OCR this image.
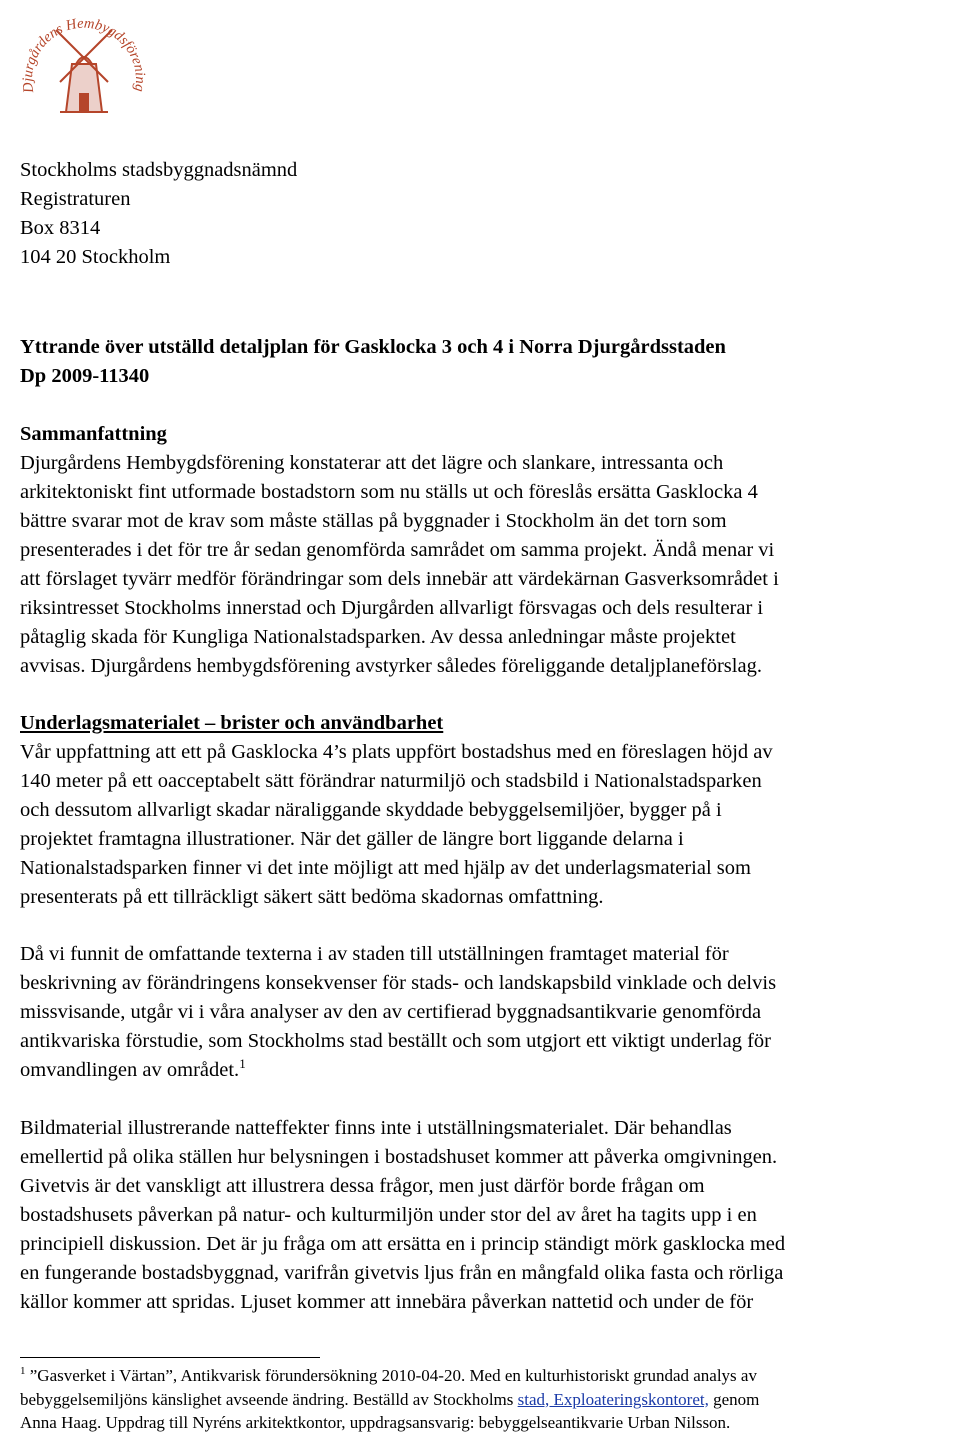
Djurgårdens Hembygdsförening
Stockholms stadsbyggnadsnämnd
Registraturen
Box 8314
104 20 Stockholm
Yttrande över utställd detaljplan för Gasklocka 3 och 4 i Norra Djurgårdsstaden
Dp 2009-11340
Sammanfattning
Djurgårdens Hembygdsförening konstaterar att det lägre och slankare, intressanta och
arkitektoniskt fint utformade bostadstorn som nu ställs ut och föreslås ersätta Gasklocka 4
bättre svarar mot de krav som måste ställas på byggnader i Stockholm än det torn som
presenterades i det för tre år sedan genomförda samrådet om samma projekt. Ändå menar vi
att förslaget tyvärr medför förändringar som dels innebär att värdekärnan Gasverksområdet i
riksintresset Stockholms innerstad och Djurgården allvarligt försvagas och dels resulterar i
påtaglig skada för Kungliga Nationalstadsparken. Av dessa anledningar måste projektet
avvisas. Djurgårdens hembygdsförening avstyrker således föreliggande detaljplaneförslag.
Underlagsmaterialet – brister och användbarhet
Vår uppfattning att ett på Gasklocka 4’s plats uppfört bostadshus med en föreslagen höjd av
140 meter på ett oacceptabelt sätt förändrar naturmiljö och stadsbild i Nationalstadsparken
och dessutom allvarligt skadar näraliggande skyddade bebyggelsemiljöer, bygger på i
projektet framtagna illustrationer. När det gäller de längre bort liggande delarna i
Nationalstadsparken finner vi det inte möjligt att med hjälp av det underlagsmaterial som
presenterats på ett tillräckligt säkert sätt bedöma skadornas omfattning.
Då vi funnit de omfattande texterna i av staden till utställningen framtaget material för
beskrivning av förändringens konsekvenser för stads- och landskapsbild vinklade och delvis
missvisande, utgår vi i våra analyser av den av certifierad byggnadsantikvarie genomförda
antikvariska förstudie, som Stockholms stad beställt och som utgjort ett viktigt underlag för
omvandlingen av området.$^1$
Bildmaterial illustrerande natteffekter finns inte i utställningsmaterialet. Där behandlas
emellertid på olika ställen hur belysningen i bostadshuset kommer att påverka omgivningen.
Givetvis är det vanskligt att illustrera dessa frågor, men just därför borde frågan om
bostadshusets påverkan på natur- och kulturmiljön under stor del av året ha tagits upp i en
principiell diskussion. Det är ju fråga om att ersätta en i princip ständigt mörk gasklocka med
en fungerande bostadsbyggnad, varifrån givetvis ljus från en mångfald olika fasta och rörliga
källor kommer att spridas. Ljuset kommer att innebära påverkan nattetid och under de för
$^1$ ”Gasverket i Värtan”, Antikvarisk förundersökning 2010-04-20. Med en kulturhistoriskt grundad analys av
bebyggelsemiljöns känslighet avseende ändring. Beställd av Stockholms stad, Exploateringskontoret, genom
Anna Haag. Uppdrag till Nyréns arkitektkontor, uppdragsansvarig: bebyggelseantikvarie Urban Nilsson.
